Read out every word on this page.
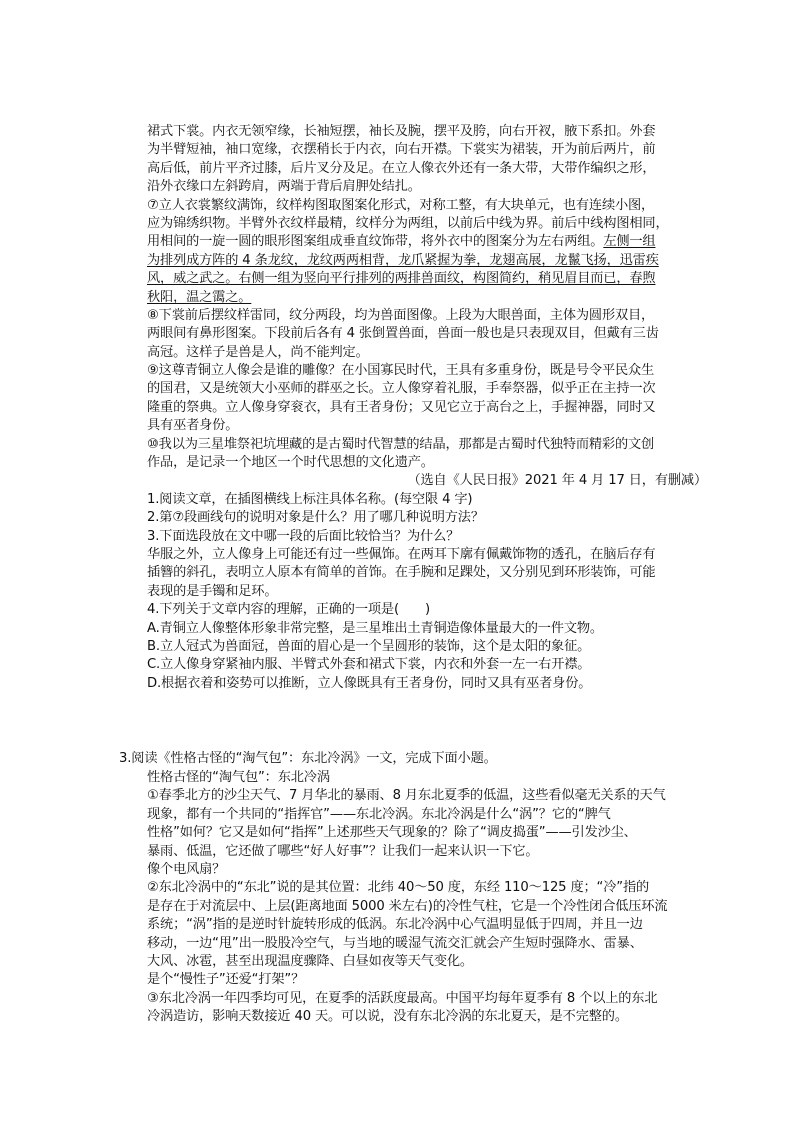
裙式下裳。内衣无领窄缘，长袖短摆，袖长及腕，摆平及胯，向右开衩，腋下系扣。外套
为半臂短袖，袖口宽缘，衣摆稍长于内衣，向右开襟。下裳实为裙装，开为前后两片，前
高后低，前片平齐过膝，后片叉分及足。在立人像衣外还有一条大带，大带作编织之形，
沿外衣缘口左斜跨肩，两端于背后肩胛处结扎。
⑦立人衣裳繁纹满饰，纹样构图取图案化形式，对称工整，有大块单元，也有连续小图，
应为锦绣织物。半臂外衣纹样最精，纹样分为两组，以前后中线为界。前后中线构图相同，
用相间的一旋一圆的眼形图案组成垂直纹饰带，将外衣中的图案分为左右两组。左侧一组
为排列成方阵的 4 条龙纹，龙纹两两相背，龙爪紧握为拳，龙翅高展，龙鬣飞扬，迅雷疾
风，威之武之。右侧一组为竖向平行排列的两排兽面纹，构图简约，稍见眉目而已，春煦
秋阳，温之霭之。
⑧下裳前后摆纹样雷同，纹分两段，均为兽面图像。上段为大眼兽面，主体为圆形双目，
两眼间有鼻形图案。下段前后各有 4 张倒置兽面，兽面一般也是只表现双目，但戴有三齿
高冠。这样子是兽是人，尚不能判定。
⑨这尊青铜立人像会是谁的雕像？在小国寡民时代，王具有多重身份，既是号令平民众生
的国君，又是统领大小巫师的群巫之长。立人像穿着礼服，手奉祭器，似乎正在主持一次
隆重的祭典。立人像身穿衮衣，具有王者身份；又见它立于高台之上，手握神器，同时又
具有巫者身份。
⑩我以为三星堆祭祀坑埋藏的是古蜀时代智慧的结晶，那都是古蜀时代独特而精彩的文创
作品，是记录一个地区一个时代思想的文化遗产。
（选自《人民日报》2021 年 4 月 17 日，有删减）
1.阅读文章，在插图横线上标注具体名称。(每空限 4 字)
2.第⑦段画线句的说明对象是什么？用了哪几种说明方法？
3.下面选段放在文中哪一段的后面比较恰当？为什么？
华服之外，立人像身上可能还有过一些佩饰。在两耳下廓有佩戴饰物的透孔，在脑后存有
插簪的斜孔，表明立人原本有简单的首饰。在手腕和足踝处，又分别见到环形装饰，可能
表现的是手镯和足环。
4.下列关于文章内容的理解，正确的一项是(　　)
A.青铜立人像整体形象非常完整，是三星堆出土青铜造像体量最大的一件文物。
B.立人冠式为兽面冠，兽面的眉心是一个呈圆形的装饰，这个是太阳的象征。
C.立人像身穿紧袖内服、半臂式外套和裙式下裳，内衣和外套一左一右开襟。
D.根据衣着和姿势可以推断，立人像既具有王者身份，同时又具有巫者身份。
3.阅读《性格古怪的“淘气包”：东北冷涡》一文，完成下面小题。
性格古怪的“淘气包”：东北冷涡
①春季北方的沙尘天气、7 月华北的暴雨、8 月东北夏季的低温，这些看似毫无关系的天气
现象，都有一个共同的“指挥官”——东北冷涡。东北冷涡是什么“涡”？它的“脾气
性格”如何？它又是如何“指挥”上述那些天气现象的？除了“调皮捣蛋”——引发沙尘、
暴雨、低温，它还做了哪些“好人好事”？让我们一起来认识一下它。
像个电风扇？
②东北冷涡中的“东北”说的是其位置：北纬 40～50 度，东经 110～125 度；“冷”指的
是存在于对流层中、上层(距离地面 5000 米左右)的冷性气柱，它是一个冷性闭合低压环流
系统；“涡”指的是逆时针旋转形成的低涡。东北冷涡中心气温明显低于四周，并且一边
移动，一边“甩”出一股股冷空气，与当地的暖湿气流交汇就会产生短时强降水、雷暴、
大风、冰雹，甚至出现温度骤降、白昼如夜等天气变化。
是个“慢性子”还爱“打架”？
③东北冷涡一年四季均可见，在夏季的活跃度最高。中国平均每年夏季有 8 个以上的东北
冷涡造访，影响天数接近 40 天。可以说，没有东北冷涡的东北夏天，是不完整的。
